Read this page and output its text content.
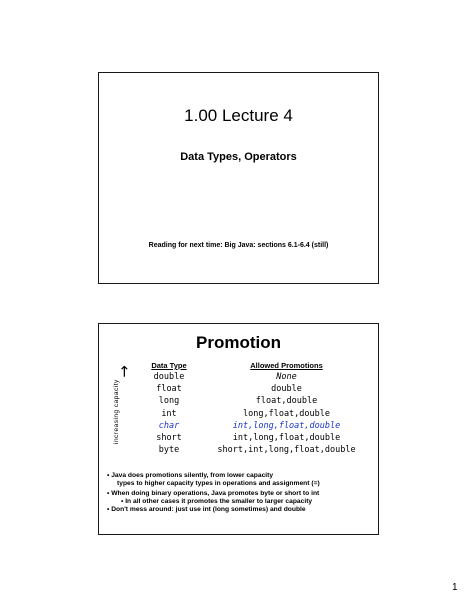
1.00 Lecture 4
Data Types, Operators
Reading for next time: Big Java: sections 6.1-6.4 (still)
Promotion
→
increasing capacity
Data Type	Allowed Promotions
double	None
float	double
long	float,double
int	long,float,double
char	int,long,float,double
short	int,long,float,double
byte	short,int,long,float,double
• Java does promotions silently, from lower capacity
types to higher capacity types in operations and assignment (=)
• When doing binary operations, Java promotes byte or short to int
• In all other cases it promotes the smaller to larger capacity
• Don't mess around: just use int (long sometimes) and double
1
